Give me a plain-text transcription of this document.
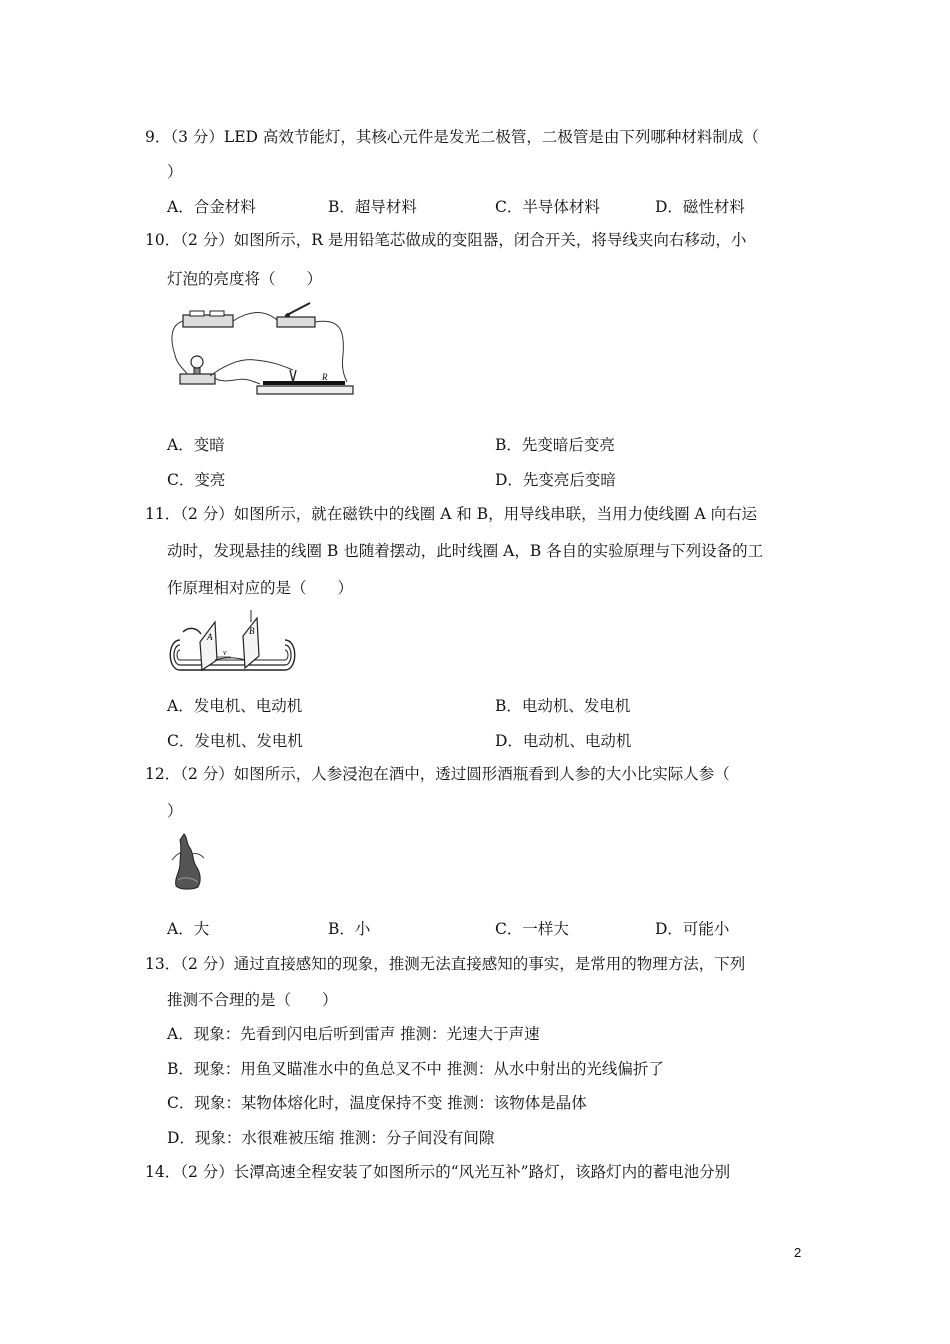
9．（3 分）LED 高效节能灯，其核心元件是发光二极管，二极管是由下列哪种材料制成（
）
A．合金材料	B．超导材料	C．半导体材料	D．磁性材料
10．（2 分）如图所示，R 是用铅笔芯做成的变阻器，闭合开关，将导线夹向右移动，小
灯泡的亮度将（　　）
R
A．变暗	B．先变暗后变亮
C．变亮	D．先变亮后变暗
11．（2 分）如图所示，就在磁铁中的线圈 A 和 B，用导线串联，当用力使线圈 A 向右运
动时，发现悬挂的线圈 B 也随着摆动，此时线圈 A，B 各自的实验原理与下列设备的工
作原理相对应的是（　　）
A
B
v
A．发电机、电动机	B．电动机、发电机
C．发电机、发电机	D．电动机、电动机
12．（2 分）如图所示，人参浸泡在酒中，透过圆形酒瓶看到人参的大小比实际人参（
）
A．大	B．小	C．一样大	D．可能小
13．（2 分）通过直接感知的现象，推测无法直接感知的事实，是常用的物理方法，下列
推测不合理的是（　　）
A．现象：先看到闪电后听到雷声 推测：光速大于声速
B．现象：用鱼叉瞄准水中的鱼总叉不中 推测：从水中射出的光线偏折了
C．现象：某物体熔化时，温度保持不变 推测：该物体是晶体
D．现象：水很难被压缩 推测：分子间没有间隙
14．（2 分）长潭高速全程安装了如图所示的“风光互补”路灯，该路灯内的蓄电池分别
2
